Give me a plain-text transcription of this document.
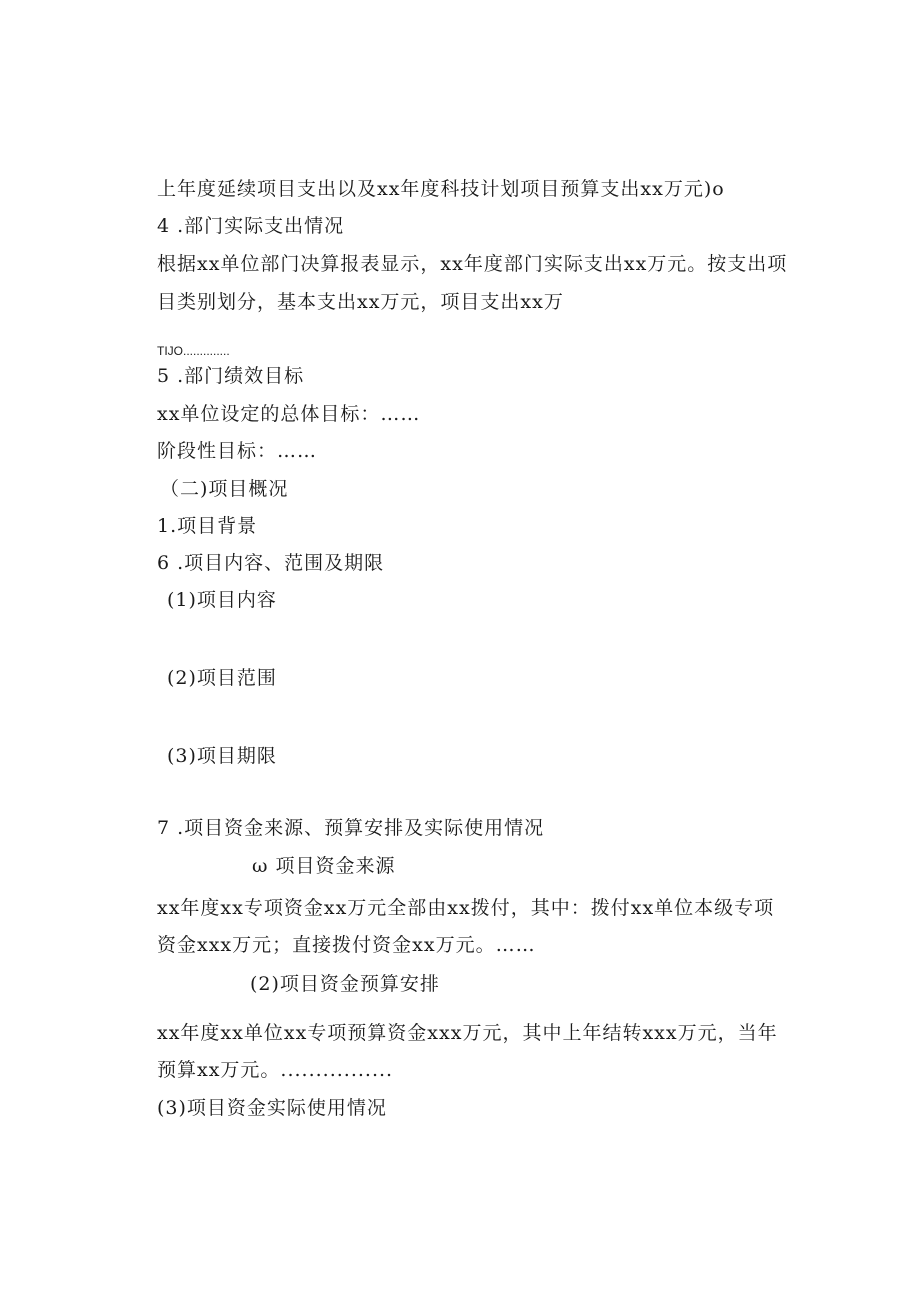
上年度延续项目支出以及xx年度科技计划项目预算支出xx万元)o
4 .部门实际支出情况
根据xx单位部门决算报表显示，xx年度部门实际支出xx万元。按支出项
目类别划分，基本支出xx万元，项目支出xx万
TIJO..............
5 .部门绩效目标
xx单位设定的总体目标：……
阶段性目标：……
（二)项目概况
1.项目背景
6 .项目内容、范围及期限
(1)项目内容
(2)项目范围
(3)项目期限
7 .项目资金来源、预算安排及实际使用情况
ω 项目资金来源
xx年度xx专项资金xx万元全部由xx拨付，其中：拨付xx单位本级专项
资金xxx万元；直接拨付资金xx万元。……
(2)项目资金预算安排
xx年度xx单位xx专项预算资金xxx万元，其中上年结转xxx万元，当年
预算xx万元。................
(3)项目资金实际使用情况
